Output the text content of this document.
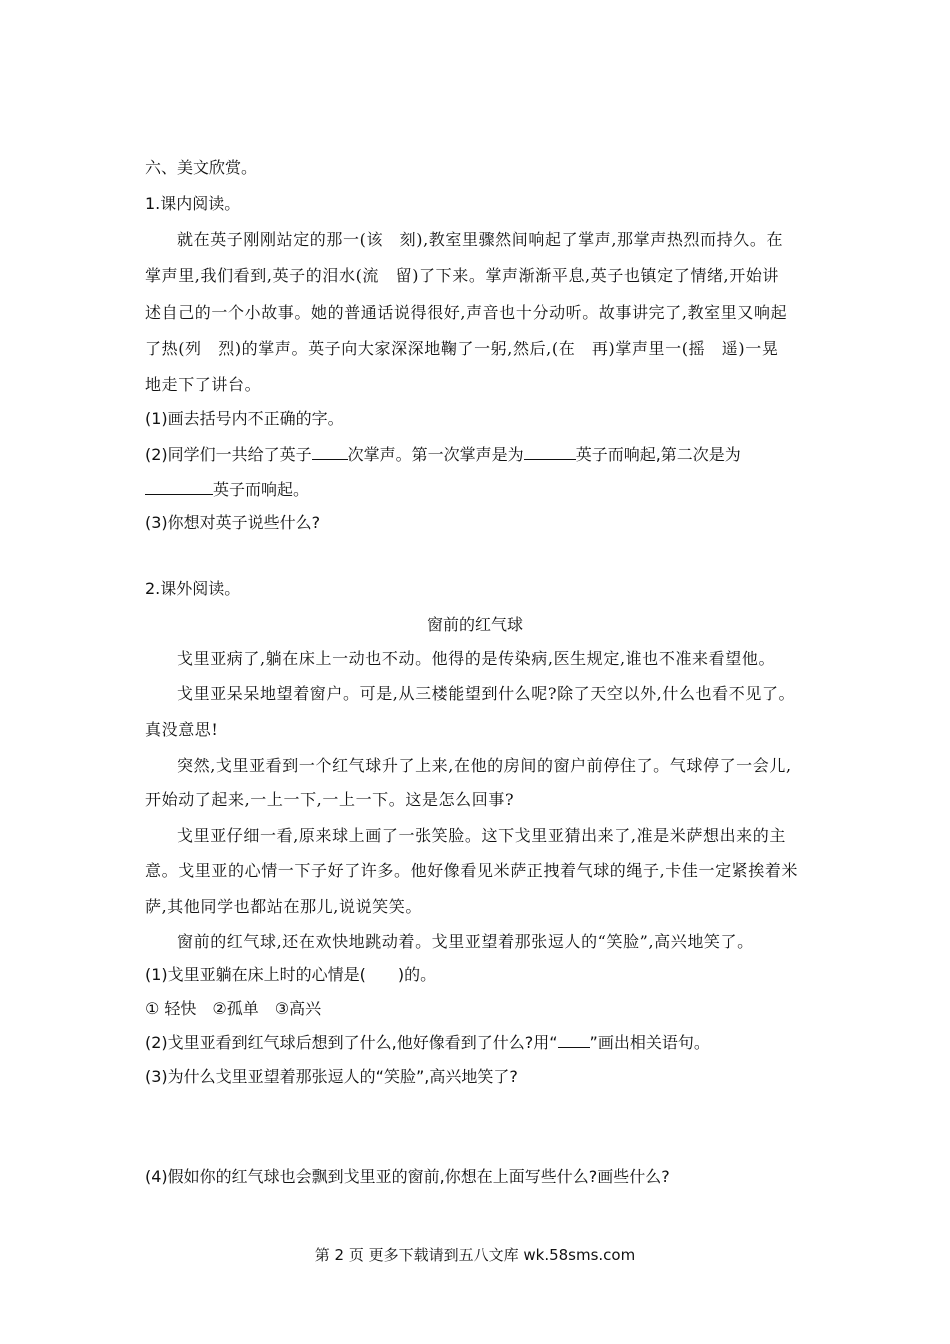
六、美文欣赏。
1.课内阅读。
就在英子刚刚站定的那一(该　刻),教室里骤然间响起了掌声,那掌声热烈而持久。在
掌声里,我们看到,英子的泪水(流　留)了下来。掌声渐渐平息,英子也镇定了情绪,开始讲
述自己的一个小故事。她的普通话说得很好,声音也十分动听。故事讲完了,教室里又响起
了热(列　烈)的掌声。英子向大家深深地鞠了一躬,然后,(在　再)掌声里一(摇　遥)一晃
地走下了讲台。
(1)画去括号内不正确的字。
(2)同学们一共给了英子 次掌声。第一次掌声是为	英子而响起,第二次是为
英子而响起。
(3)你想对英子说些什么?
2.课外阅读。
窗前的红气球
戈里亚病了,躺在床上一动也不动。他得的是传染病,医生规定,谁也不准来看望他。
戈里亚呆呆地望着窗户。可是,从三楼能望到什么呢?除了天空以外,什么也看不见了。
真没意思!
突然,戈里亚看到一个红气球升了上来,在他的房间的窗户前停住了。气球停了一会儿,
开始动了起来,一上一下,一上一下。这是怎么回事?
戈里亚仔细一看,原来球上画了一张笑脸。这下戈里亚猜出来了,准是米萨想出来的主
意。戈里亚的心情一下子好了许多。他好像看见米萨正拽着气球的绳子,卡佳一定紧挨着米
萨,其他同学也都站在那儿,说说笑笑。
窗前的红气球,还在欢快地跳动着。戈里亚望着那张逗人的“笑脸”,高兴地笑了。
(1)戈里亚躺在床上时的心情是(　　)的。
① 轻快　②孤单　③高兴
(2)戈里亚看到红气球后想到了什么,他好像看到了什么?用“ ”画出相关语句。
(3)为什么戈里亚望着那张逗人的“笑脸”,高兴地笑了?
(4)假如你的红气球也会飘到戈里亚的窗前,你想在上面写些什么?画些什么?
第 2 页 更多下载请到五八文库 wk.58sms.com
